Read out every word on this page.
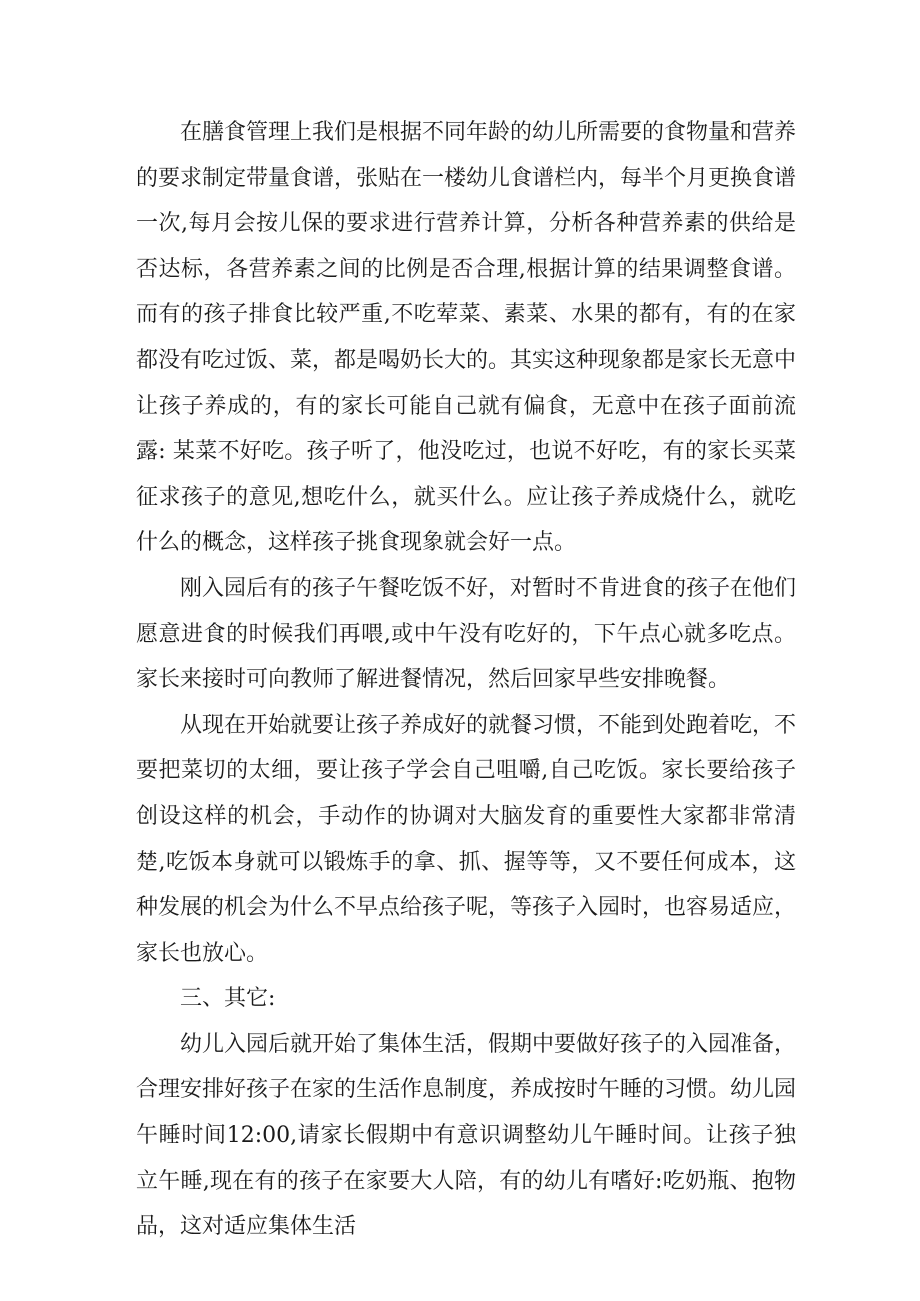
在膳食管理上我们是根据不同年龄的幼儿所需要的食物量和营养的要求制定带量食谱，张贴在一楼幼儿食谱栏内，每半个月更换食谱一次,每月会按儿保的要求进行营养计算，分析各种营养素的供给是否达标，各营养素之间的比例是否合理,根据计算的结果调整食谱。而有的孩子排食比较严重,不吃荤菜、素菜、水果的都有，有的在家都没有吃过饭、菜，都是喝奶长大的。其实这种现象都是家长无意中让孩子养成的，有的家长可能自己就有偏食，无意中在孩子面前流露: 某菜不好吃。孩子听了，他没吃过，也说不好吃，有的家长买菜征求孩子的意见,想吃什么，就买什么。应让孩子养成烧什么，就吃什么的概念，这样孩子挑食现象就会好一点。

刚入园后有的孩子午餐吃饭不好，对暂时不肯进食的孩子在他们愿意进食的时候我们再喂,或中午没有吃好的，下午点心就多吃点。家长来接时可向教师了解进餐情况，然后回家早些安排晚餐。

从现在开始就要让孩子养成好的就餐习惯，不能到处跑着吃，不要把菜切的太细，要让孩子学会自己咀嚼,自己吃饭。家长要给孩子创设这样的机会，手动作的协调对大脑发育的重要性大家都非常清楚,吃饭本身就可以锻炼手的拿、抓、握等等，又不要任何成本，这种发展的机会为什么不早点给孩子呢，等孩子入园时，也容易适应，家长也放心。

三、其它:

幼儿入园后就开始了集体生活，假期中要做好孩子的入园准备，合理安排好孩子在家的生活作息制度，养成按时午睡的习惯。幼儿园午睡时间12:00,请家长假期中有意识调整幼儿午睡时间。让孩子独立午睡,现在有的孩子在家要大人陪，有的幼儿有嗜好:吃奶瓶、抱物品，这对适应集体生活
